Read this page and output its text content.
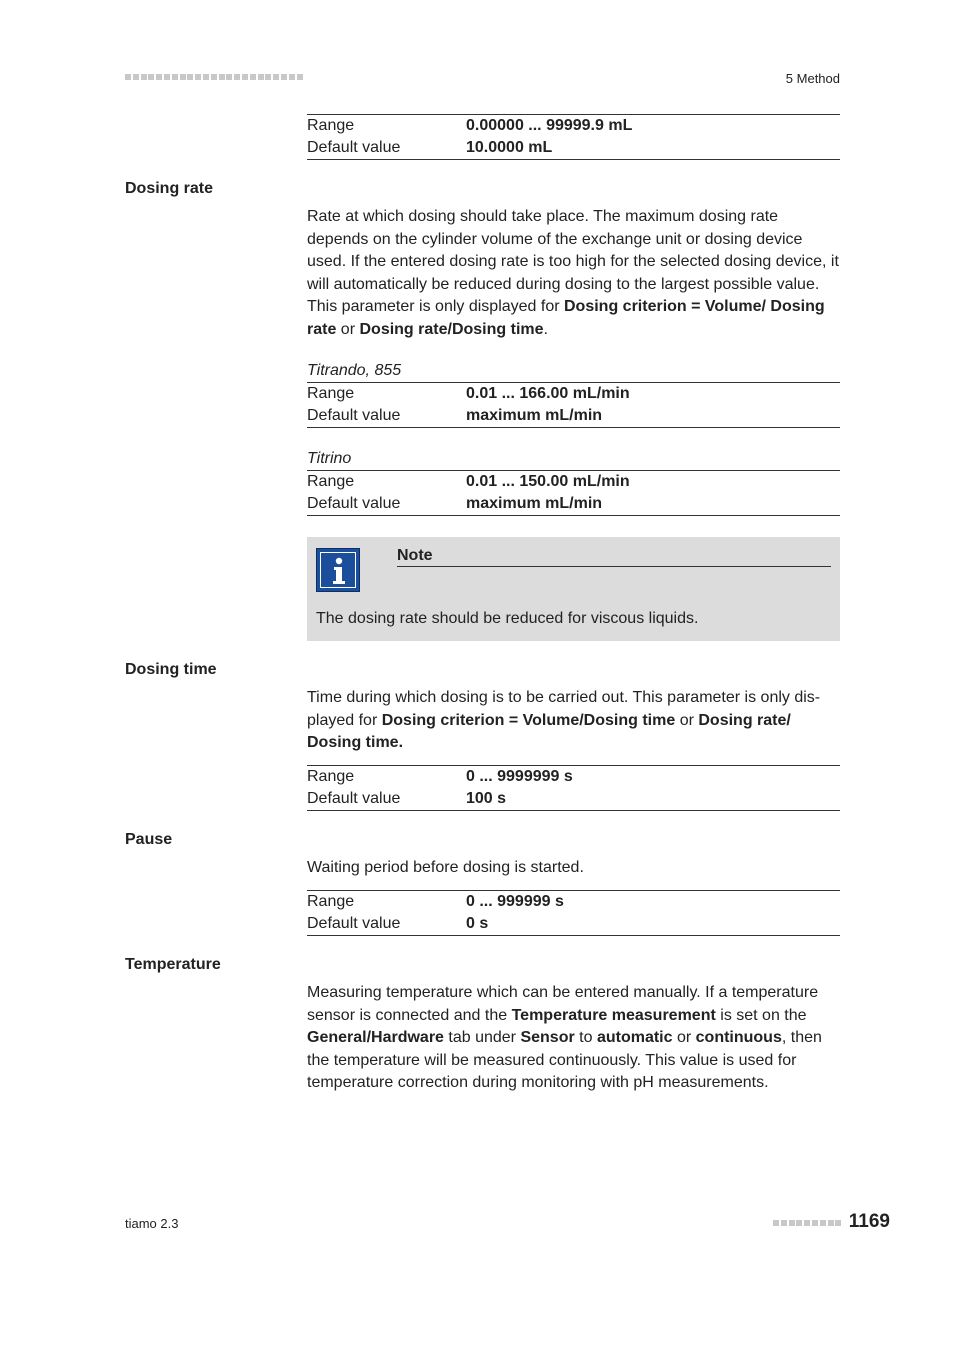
5 Method
Range	0.00000 ... 99999.9 mL
Default value	10.0000 mL
Dosing rate

Rate at which dosing should take place. The maximum dosing rate depends on the cylinder volume of the exchange unit or dosing device used. If the entered dosing rate is too high for the selected dosing device, it will automatically be reduced during dosing to the largest possible value. This parameter is only displayed for Dosing criterion = Volume/ Dosing rate or Dosing rate/Dosing time.

Titrando, 855
Range	0.01 ... 166.00 mL/min
Default value	maximum mL/min
Titrino
Range	0.01 ... 150.00 mL/min
Default value	maximum mL/min
Note
The dosing rate should be reduced for viscous liquids.
Dosing time

Time during which dosing is to be carried out. This parameter is only dis- played for Dosing criterion = Volume/Dosing time or Dosing rate/ Dosing time.

Range	0 ... 9999999 s
Default value	100 s
Pause

Waiting period before dosing is started.

Range	0 ... 999999 s
Default value	0 s
Temperature

Measuring temperature which can be entered manually. If a temperature sensor is connected and the Temperature measurement is set on the General/Hardware tab under Sensor to automatic or continuous, then the temperature will be measured continuously. This value is used for temperature correction during monitoring with pH measurements.

tiamo 2.3	1169
